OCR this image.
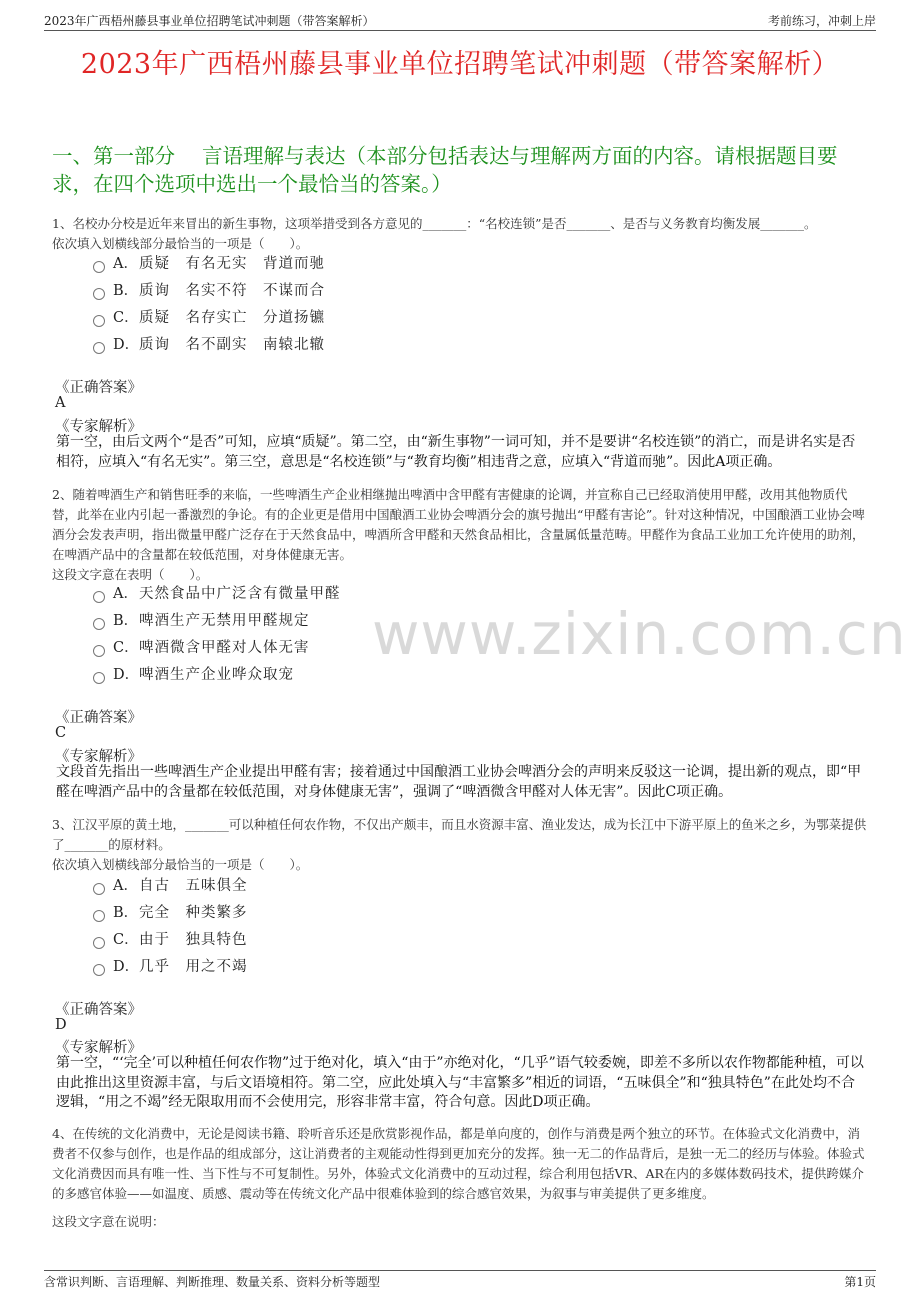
2023年广西梧州藤县事业单位招聘笔试冲刺题（带答案解析）	考前练习，冲刺上岸
2023年广西梧州藤县事业单位招聘笔试冲刺题（带答案解析）
一、第一部分　 言语理解与表达（本部分包括表达与理解两方面的内容。请根据题目要求，在四个选项中选出一个最恰当的答案。）
www.zixin.com.cn
1、名校办分校是近年来冒出的新生事物，这项举措受到各方意见的_______：“名校连锁”是否_______、是否与义务教育均衡发展_______。
依次填入划横线部分最恰当的一项是（　　）。
A．质疑　有名无实　背道而驰
B．质询　名实不符　不谋而合
C．质疑　名存实亡　分道扬镳
D．质询　名不副实　南辕北辙
《正确答案》
A
《专家解析》
第一空，由后文两个“是否”可知，应填“质疑”。第二空，由“新生事物”一词可知，并不是要讲“名校连锁”的消亡，而是讲名实是否相符，应填入“有名无实”。第三空，意思是“名校连锁”与“教育均衡”相违背之意，应填入“背道而驰”。因此A项正确。
2、随着啤酒生产和销售旺季的来临，一些啤酒生产企业相继抛出啤酒中含甲醛有害健康的论调，并宣称自己已经取消使用甲醛，改用其他物质代替，此举在业内引起一番激烈的争论。有的企业更是借用中国酿酒工业协会啤酒分会的旗号抛出“甲醛有害论”。针对这种情况，中国酿酒工业协会啤酒分会发表声明，指出微量甲醛广泛存在于天然食品中，啤酒所含甲醛和天然食品相比，含量属低量范畴。甲醛作为食品工业加工允许使用的助剂，在啤酒产品中的含量都在较低范围，对身体健康无害。
这段文字意在表明（　　）。
A．天然食品中广泛含有微量甲醛
B．啤酒生产无禁用甲醛规定
C．啤酒微含甲醛对人体无害
D．啤酒生产企业哗众取宠
《正确答案》
C
《专家解析》
文段首先指出一些啤酒生产企业提出甲醛有害；接着通过中国酿酒工业协会啤酒分会的声明来反驳这一论调，提出新的观点，即“甲醛在啤酒产品中的含量都在较低范围，对身体健康无害”，强调了“啤酒微含甲醛对人体无害”。因此C项正确。
3、江汉平原的黄土地，_______可以种植任何农作物，不仅出产颇丰，而且水资源丰富、渔业发达，成为长江中下游平原上的鱼米之乡，为鄂菜提供了_______的原材料。
依次填入划横线部分最恰当的一项是（　　）。
A．自古　五味俱全
B．完全　种类繁多
C．由于　独具特色
D．几乎　用之不竭
《正确答案》
D
《专家解析》
第一空，“‘完全’可以种植任何农作物”过于绝对化，填入“由于”亦绝对化，“几乎”语气较委婉，即差不多所以农作物都能种植，可以由此推出这里资源丰富，与后文语境相符。第二空，应此处填入与“丰富繁多”相近的词语，“五味俱全”和“独具特色”在此处均不合逻辑，“用之不竭”经无限取用而不会使用完，形容非常丰富，符合句意。因此D项正确。
4、在传统的文化消费中，无论是阅读书籍、聆听音乐还是欣赏影视作品，都是单向度的，创作与消费是两个独立的环节。在体验式文化消费中，消费者不仅参与创作，也是作品的组成部分，这让消费者的主观能动性得到更加充分的发挥。独一无二的作品背后，是独一无二的经历与体验。体验式文化消费因而具有唯一性、当下性与不可复制性。另外，体验式文化消费中的互动过程，综合利用包括VR、AR在内的多媒体数码技术，提供跨媒介的多感官体验——如温度、质感、震动等在传统文化产品中很难体验到的综合感官效果，为叙事与审美提供了更多维度。
这段文字意在说明：
含常识判断、言语理解、判断推理、数量关系、资料分析等题型	第1页
